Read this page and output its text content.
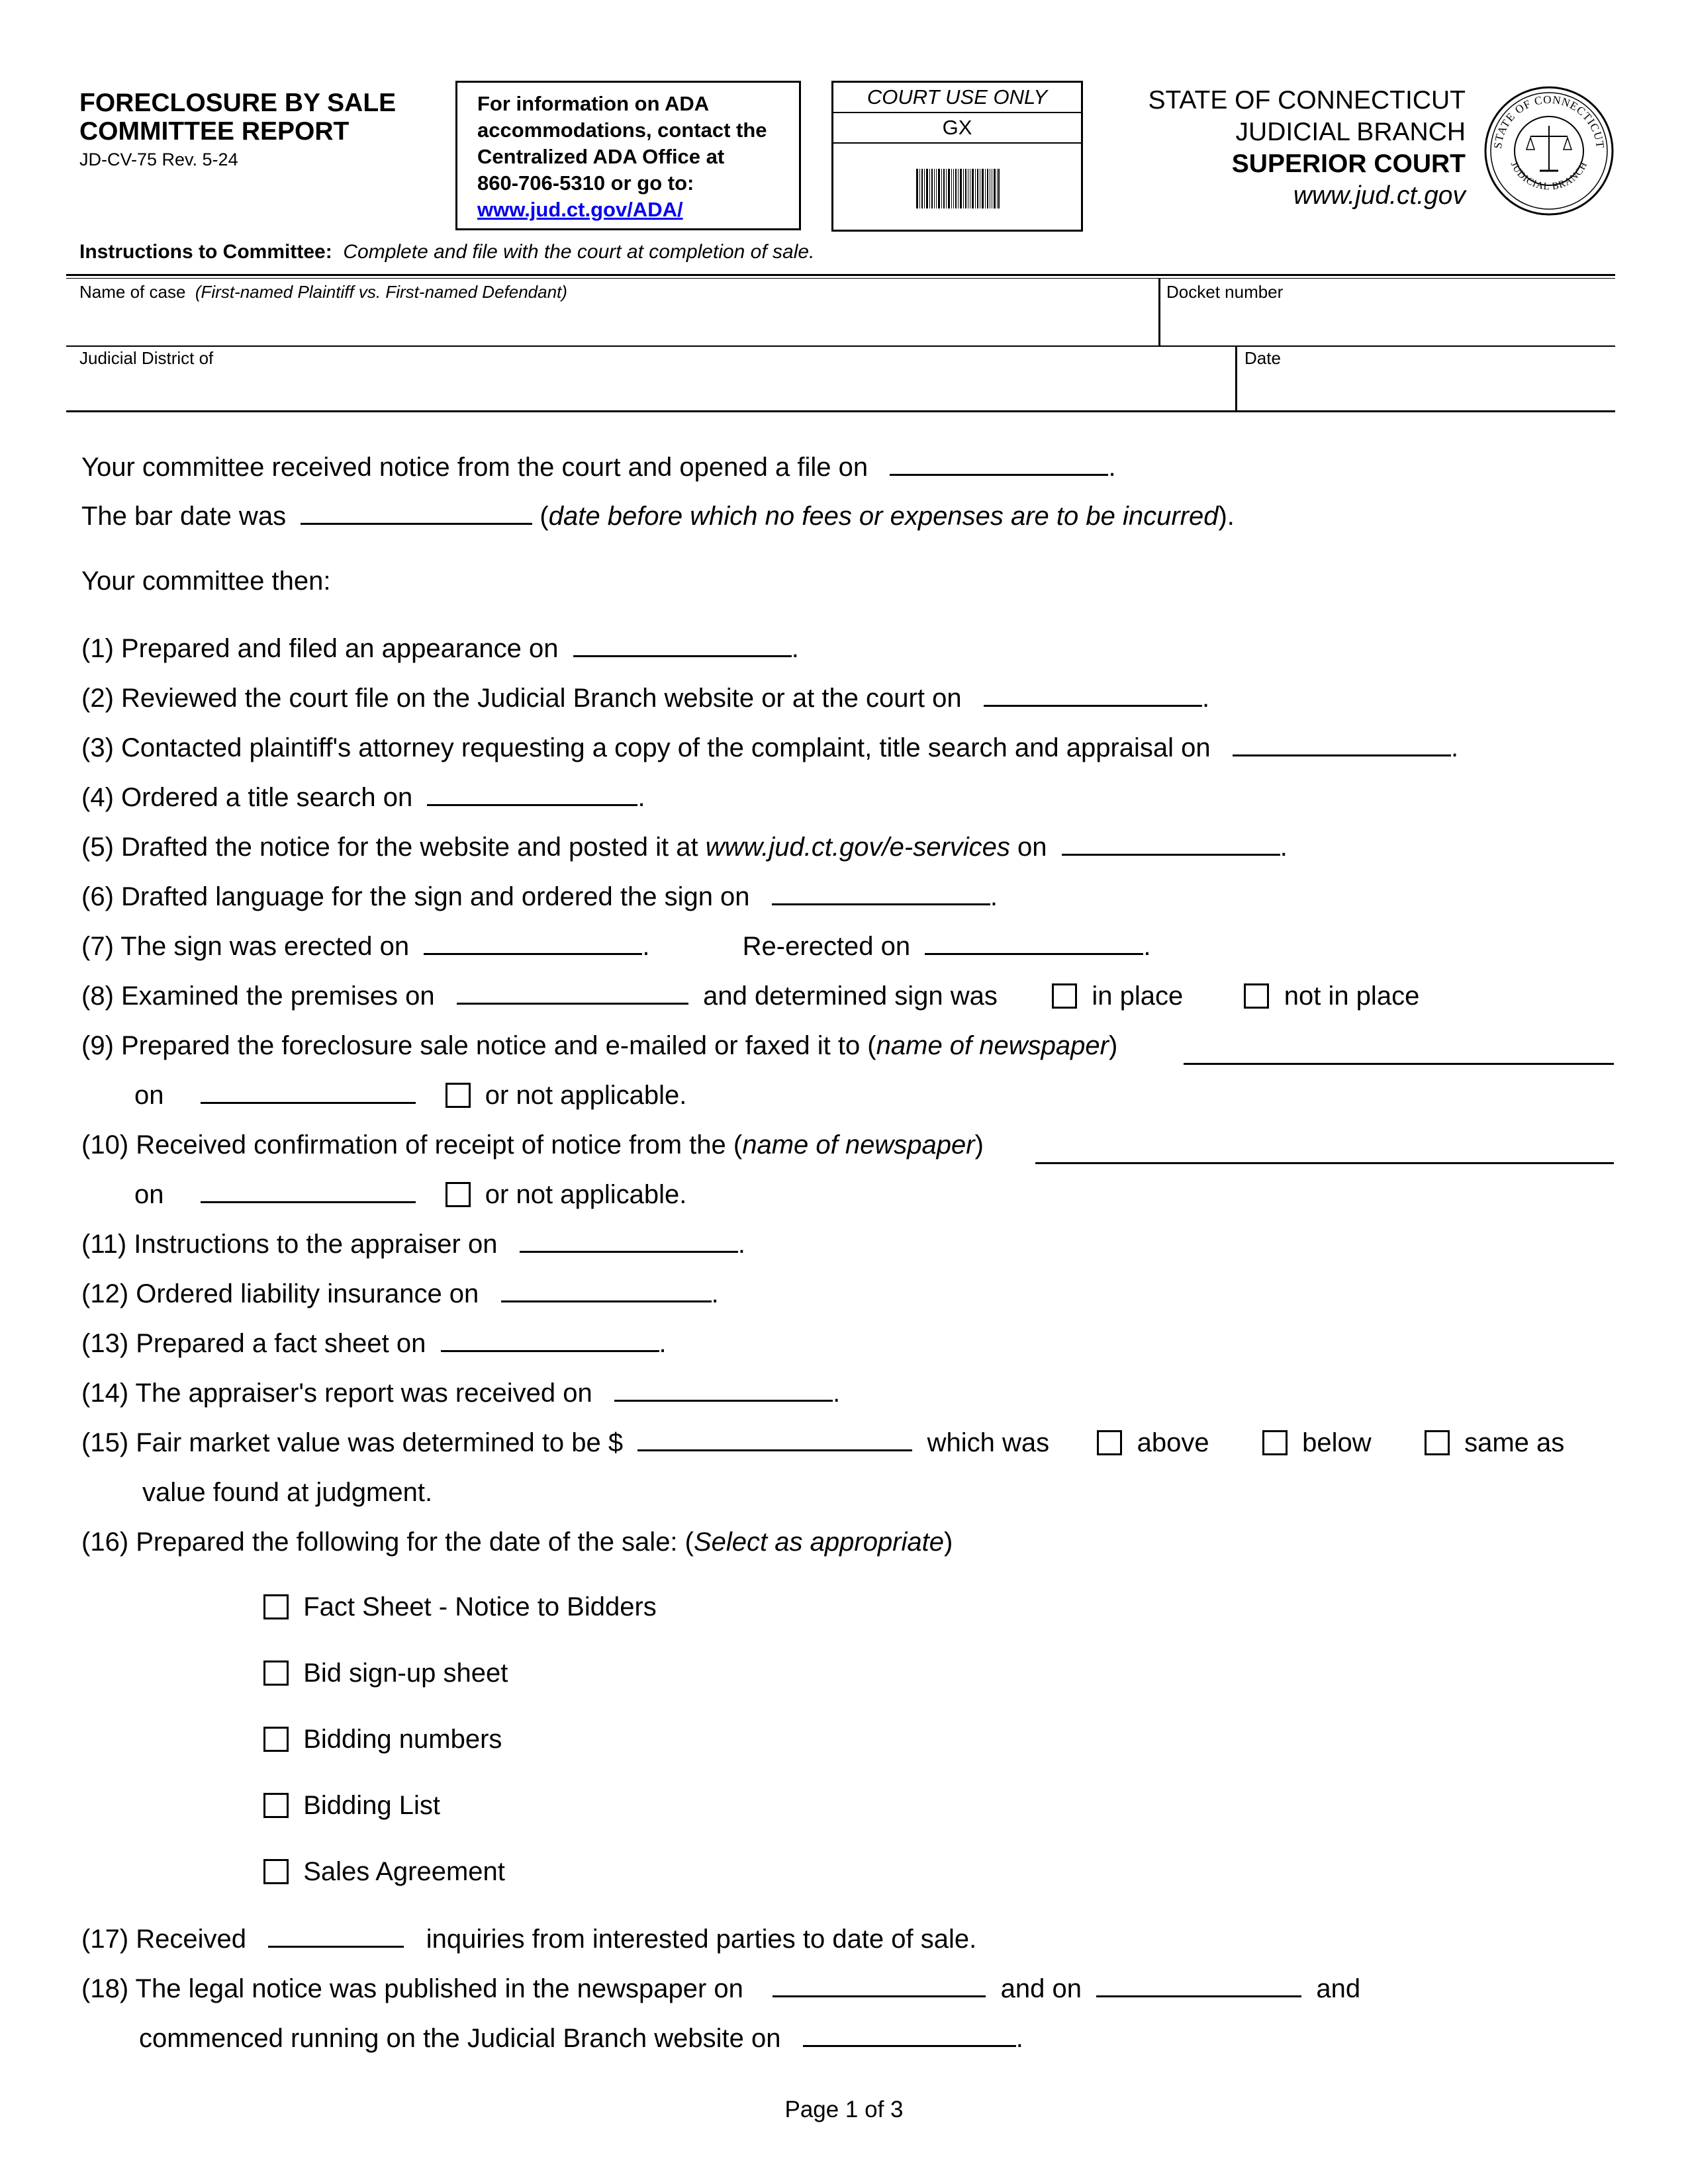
FORECLOSURE BY SALE
COMMITTEE REPORT
JD-CV-75 Rev. 5-24
For information on ADA
accommodations, contact the
Centralized ADA Office at
860-706-5310 or go to:
www.jud.ct.gov/ADA/
COURT USE ONLY
GX
STATE OF CONNECTICUT
JUDICIAL BRANCH
SUPERIOR COURT
www.jud.ct.gov
STATE OF CONNECTICUT
JUDICIAL BRANCH
Instructions to Committee: Complete and file with the court at completion of sale.
Name of case (First-named Plaintiff vs. First-named Defendant)	Docket number
Judicial District of	Date
Your committee received notice from the court and opened a file on	.
The bar date was	(date before which no fees or expenses are to be incurred).
Your committee then:
(1) Prepared and filed an appearance on	.
(2) Reviewed the court file on the Judicial Branch website or at the court on	.
(3) Contacted plaintiff's attorney requesting a copy of the complaint, title search and appraisal on	.
(4) Ordered a title search on	.
(5) Drafted the notice for the website and posted it at www.jud.ct.gov/e-services on	.
(6) Drafted language for the sign and ordered the sign on	.
(7) The sign was erected on	.	Re-erected on	.
(8) Examined the premises on	and determined sign was	in place	not in place
(9) Prepared the foreclosure sale notice and e-mailed or faxed it to (name of newspaper)
on	or not applicable.
(10) Received confirmation of receipt of notice from the (name of newspaper)
on	or not applicable.
(11) Instructions to the appraiser on	.
(12) Ordered liability insurance on	.
(13) Prepared a fact sheet on	.
(14) The appraiser's report was received on	.
(15) Fair market value was determined to be $	which was	above	below	same as
value found at judgment.
(16) Prepared the following for the date of the sale: (Select as appropriate)
Fact Sheet - Notice to Bidders
Bid sign-up sheet
Bidding numbers
Bidding List
Sales Agreement
(17) Received	inquiries from interested parties to date of sale.
(18) The legal notice was published in the newspaper on	and on	and
commenced running on the Judicial Branch website on	.
Page 1 of 3
